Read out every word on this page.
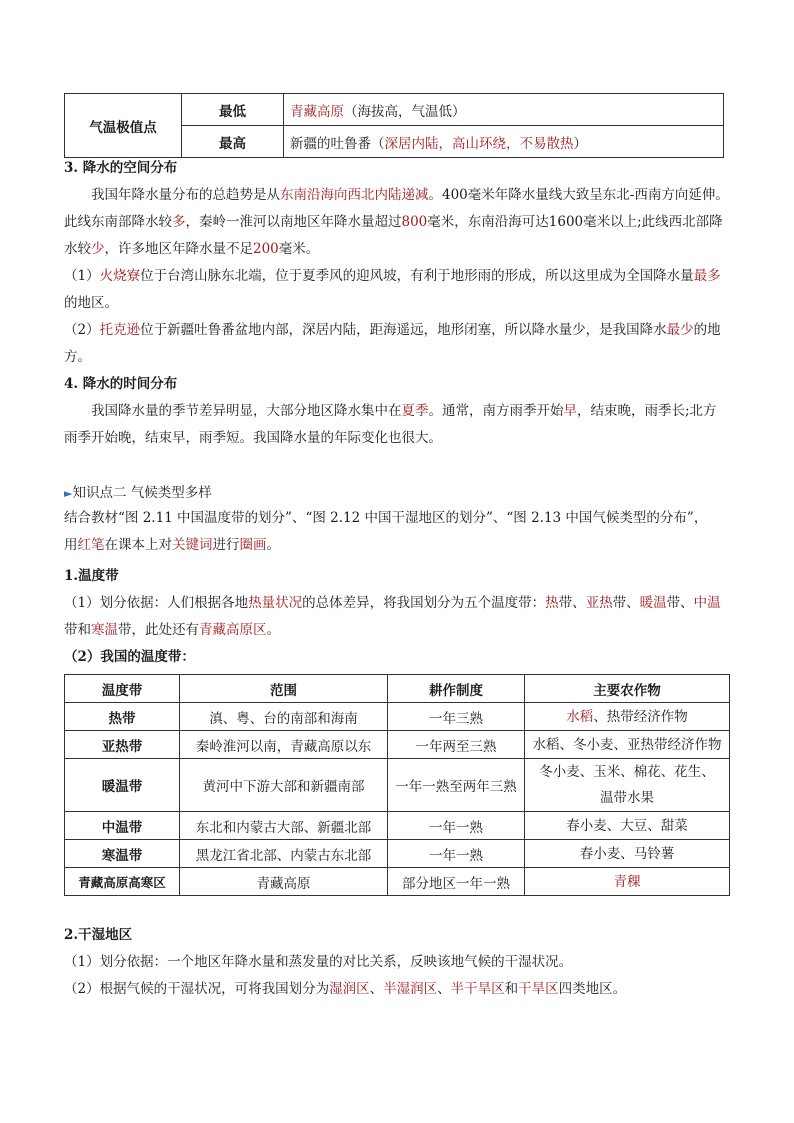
气温极值点	最低	青藏高原（海拔高，气温低）
	最高	新疆的吐鲁番（深居内陆，高山环绕，不易散热）
3. 降水的空间分布
我国年降水量分布的总趋势是从东南沿海向西北内陆递减。400毫米年降水量线大致呈东北-西南方向延伸。此线东南部降水较多，秦岭一淮河以南地区年降水量超过800毫米，东南沿海可达1600毫米以上;此线西北部降水较少，许多地区年降水量不足200毫米。
（1）火烧寮位于台湾山脉东北端，位于夏季风的迎风坡，有利于地形雨的形成，所以这里成为全国降水量最多的地区。
（2）托克逊位于新疆吐鲁番盆地内部，深居内陆，距海遥远，地形闭塞，所以降水量少，是我国降水最少的地方。
4. 降水的时间分布
我国降水量的季节差异明显，大部分地区降水集中在夏季。通常，南方雨季开始早，结束晚，雨季长;北方雨季开始晚，结束早，雨季短。我国降水量的年际变化也很大。
►知识点二 气候类型多样
结合教材“图 2.11 中国温度带的划分”、“图 2.12 中国干湿地区的划分”、“图 2.13 中国气候类型的分布”，
用红笔在课本上对关键词进行圈画。
1.温度带
（1）划分依据：人们根据各地热量状况的总体差异，将我国划分为五个温度带：热带、亚热带、暖温带、中温带和寒温带，此处还有青藏高原区。
（2）我国的温度带：
温度带	范围	耕作制度	主要农作物
热带	滇、粤、台的南部和海南	一年三熟	水稻、热带经济作物
亚热带	秦岭淮河以南，青藏高原以东	一年两至三熟	水稻、冬小麦、亚热带经济作物
暖温带	黄河中下游大部和新疆南部	一年一熟至两年三熟	冬小麦、玉米、棉花、花生、温带水果
中温带	东北和内蒙古大部、新疆北部	一年一熟	春小麦、大豆、甜菜
寒温带	黑龙江省北部、内蒙古东北部	一年一熟	春小麦、马铃薯
青藏高原高寒区	青藏高原	部分地区一年一熟	青稞
2.干湿地区
（1）划分依据：一个地区年降水量和蒸发量的对比关系，反映该地气候的干湿状况。
（2）根据气候的干湿状况，可将我国划分为湿润区、半湿润区、半干旱区和干旱区四类地区。
